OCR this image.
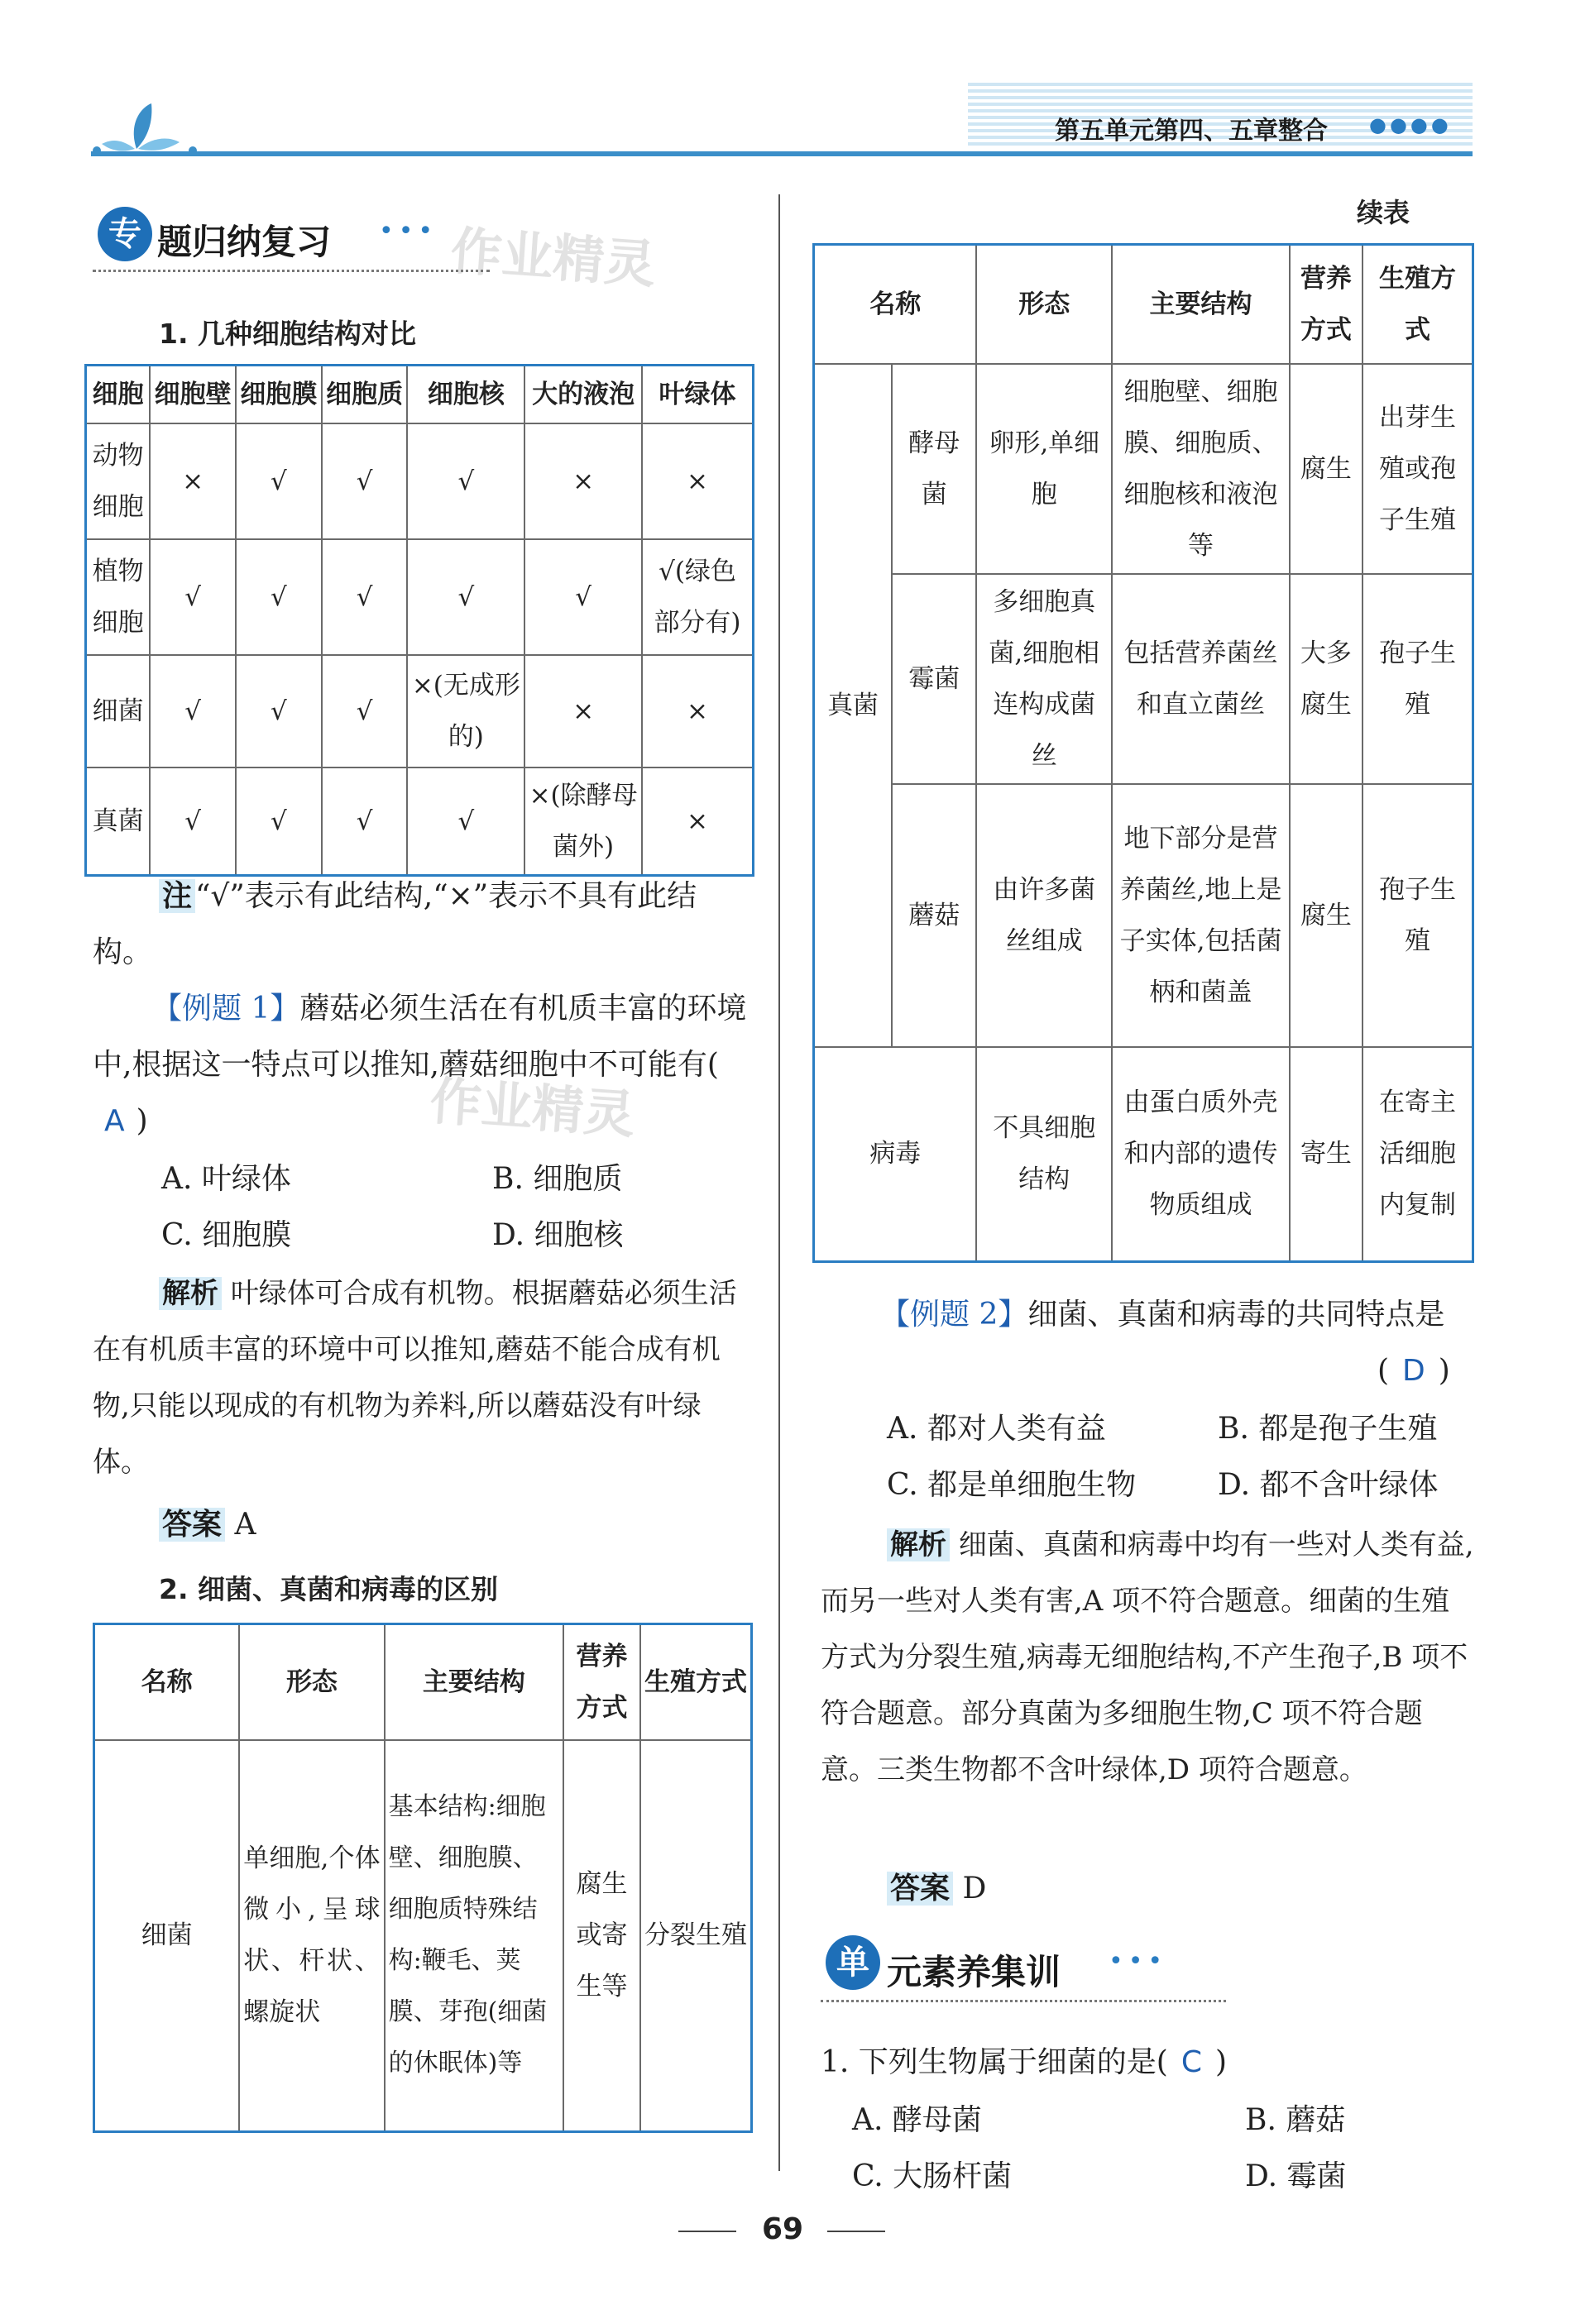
第五单元第四、五章整合 ●●●●
专 题归纳复习 ••• 作业精灵
1. 几种细胞结构对比
细胞	细胞壁	细胞膜	细胞质	细胞核	大的液泡	叶绿体
动物细胞	×	√	√	√	×	×
植物细胞	√	√	√	√	√	√(绿色部分有)
细菌	√	√	√	×(无成形的)	×	×
真菌	√	√	√	√	×(除酵母菌外)	×
注 “√”表示有此结构,“×”表示不具有此结构。
【例题 1】蘑菇必须生活在有机质丰富的环境中,根据这一特点可以推知,蘑菇细胞中不可能有( A )	作业精灵
A. 叶绿体	B. 细胞质
C. 细胞膜	D. 细胞核
解析 叶绿体可合成有机物。根据蘑菇必须生活在有机质丰富的环境中可以推知,蘑菇不能合成有机物,只能以现成的有机物为养料,所以蘑菇没有叶绿体。
答案 A
2. 细菌、真菌和病毒的区别
名称	形态	主要结构	营养方式	生殖方式
细菌	单细胞,个体微小,呈球状、杆状、螺旋状	基本结构:细胞壁、细胞膜、细胞质特殊结构:鞭毛、荚膜、芽孢(细菌的休眠体)等	腐生或寄生等	分裂生殖
续表
名称		形态	主要结构	营养方式	生殖方式
真菌	酵母菌	卵形,单细胞	细胞壁、细胞膜、细胞质、细胞核和液泡等	腐生	出芽生殖或孢子生殖
	霉菌	多细胞真菌,细胞相连构成菌丝	包括营养菌丝和直立菌丝	大多腐生	孢子生殖
	蘑菇	由许多菌丝组成	地下部分是营养菌丝,地上是子实体,包括菌柄和菌盖	腐生	孢子生殖
病毒		不具细胞结构	由蛋白质外壳和内部的遗传物质组成	寄生	在寄主活细胞内复制
【例题 2】细菌、真菌和病毒的共同特点是
( D )
A. 都对人类有益	B. 都是孢子生殖
C. 都是单细胞生物	D. 都不含叶绿体
解析 细菌、真菌和病毒中均有一些对人类有益,而另一些对人类有害,A 项不符合题意。细菌的生殖方式为分裂生殖,病毒无细胞结构,不产生孢子,B 项不符合题意。部分真菌为多细胞生物,C 项不符合题意。三类生物都不含叶绿体,D 项符合题意。
答案 D
单 元素养集训 •••
1. 下列生物属于细菌的是( C )
A. 酵母菌	B. 蘑菇
C. 大肠杆菌	D. 霉菌
69
